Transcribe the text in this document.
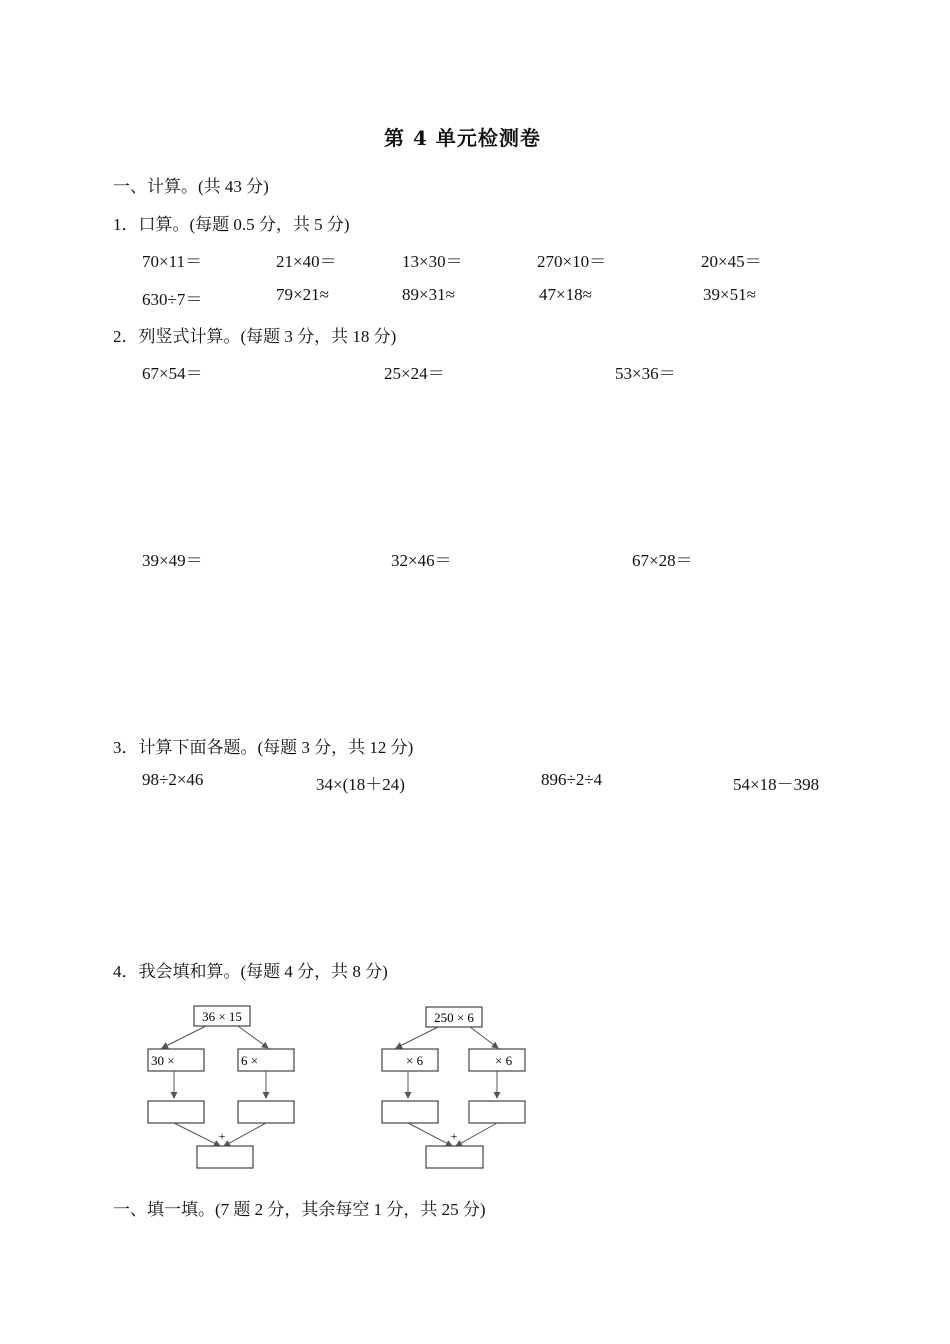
第 4 单元检测卷
一、计算。(共 43 分)
1．口算。(每题 0.5 分，共 5 分)
70×11＝	21×40＝	13×30＝	270×10＝	20×45＝
630÷7＝	79×21≈	89×31≈	47×18≈	39×51≈
2．列竖式计算。(每题 3 分，共 18 分)
67×54＝	25×24＝	53×36＝
39×49＝	32×46＝	67×28＝
3．计算下面各题。(每题 3 分，共 12 分)
98÷2×46	34×(18＋24)	896÷2÷4	54×18－398
4．我会填和算。(每题 4 分，共 8 分)
36 × 15
30 ×	6 ×
+
250 × 6
× 6	× 6
+
一、填一填。(7 题 2 分，其余每空 1 分，共 25 分)
